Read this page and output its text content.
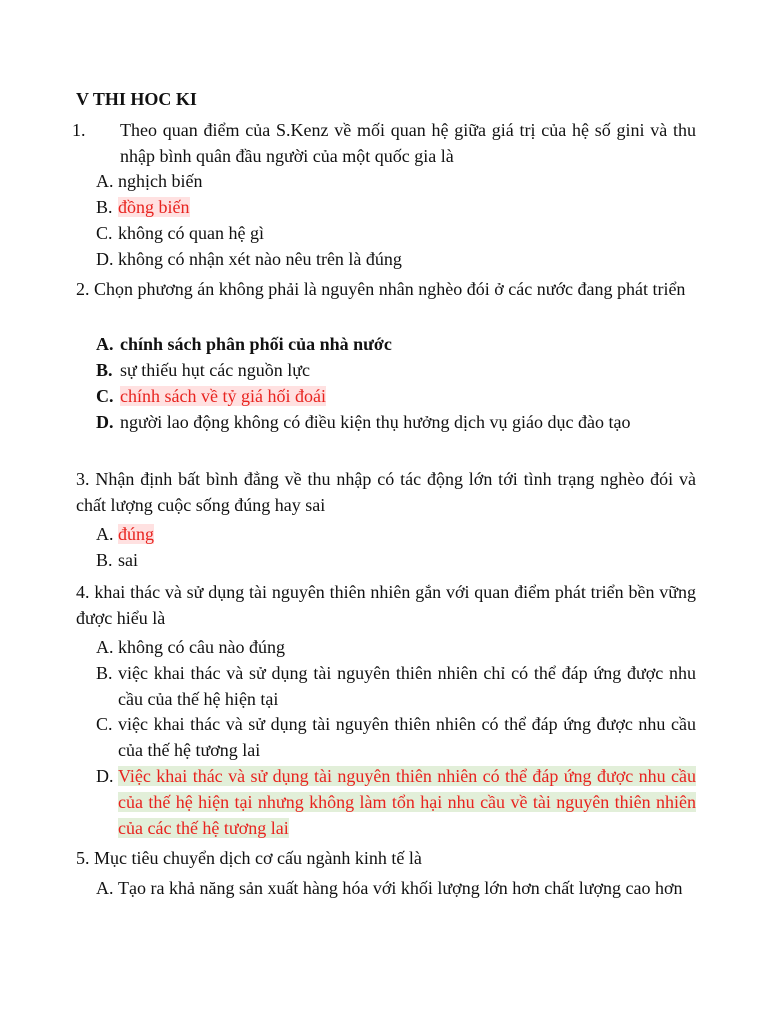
V THI HOC KI

1. Theo quan điểm của S.Kenz về mối quan hệ giữa giá trị của hệ số gini và thu nhập bình quân đầu người của một quốc gia là

A. nghịch biến
B. đồng biến
C. không có quan hệ gì
D. không có nhận xét nào nêu trên là đúng

2. Chọn phương án không phải là nguyên nhân nghèo đói ở các nước đang phát triển

A. chính sách phân phối của nhà nước
B. sự thiếu hụt các nguồn lực
C. chính sách về tỷ giá hối đoái
D. người lao động không có điều kiện thụ hưởng dịch vụ giáo dục đào tạo

3. Nhận định bất bình đẳng về thu nhập có tác động lớn tới tình trạng nghèo đói và chất lượng cuộc sống đúng hay sai

A. đúng
B. sai

4. khai thác và sử dụng tài nguyên thiên nhiên gắn với quan điểm phát triển bền vững được hiểu là

A. không có câu nào đúng
B. việc khai thác và sử dụng tài nguyên thiên nhiên chỉ có thể đáp ứng được nhu cầu của thế hệ hiện tại
C. việc khai thác và sử dụng tài nguyên thiên nhiên có thể đáp ứng được nhu cầu của thế hệ tương lai
D. Việc khai thác và sử dụng tài nguyên thiên nhiên có thể đáp ứng được nhu cầu của thế hệ hiện tại nhưng không làm tổn hại nhu cầu về tài nguyên thiên nhiên của các thế hệ tương lai

5. Mục tiêu chuyển dịch cơ cấu ngành kinh tế là

A. Tạo ra khả năng sản xuất hàng hóa với khối lượng lớn hơn chất lượng cao hơn
